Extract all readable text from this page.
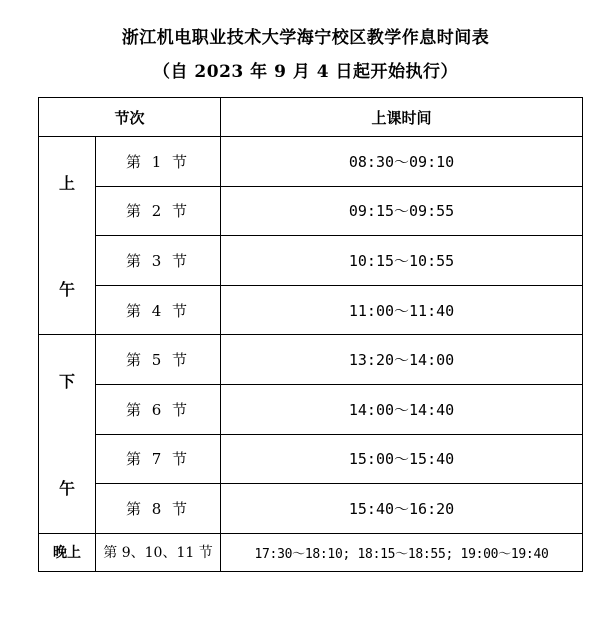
浙江机电职业技术大学海宁校区教学作息时间表
（自 2023 年 9 月 4 日起开始执行）
节次		上课时间

上
午	第 1 节	08:30～09:10
	第 2 节	09:15～09:55
	第 3 节	10:15～10:55
	第 4 节	11:00～11:40

下
午	第 5 节	13:20～14:00
	第 6 节	14:00～14:40
	第 7 节	15:00～15:40
	第 8 节	15:40～16:20
晚上	第 9、10、11 节	17:30～18:10; 18:15～18:55; 19:00～19:40
